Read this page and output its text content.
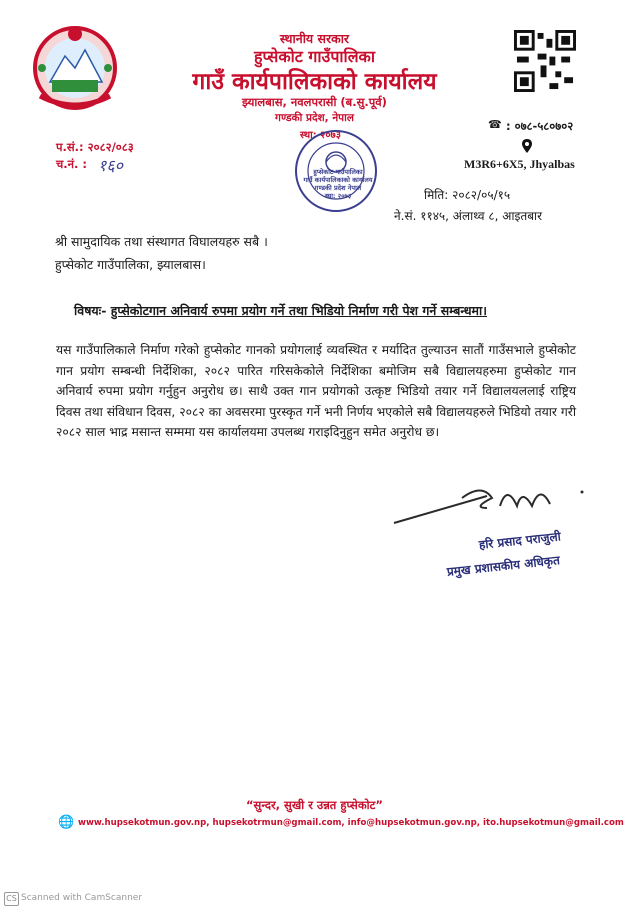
स्थानीय सरकार
हुप्सेकोट गाउँपालिका
गाउँ कार्यपालिकाको कार्यालय
झ्यालबास, नवलपरासी (ब.सु.पूर्व)
गण्डकी प्रदेश, नेपाल	☎ : ०७८-५८०७०२
M3R6+6X5, Jhyalbas
प.सं.: २०८२/०८३
च.नं. : १६०
स्था: २०७३
हुप्सेकोट गाउँपालिका
गाउँ कार्यपालिकाको कार्यालय
गण्डकी प्रदेश नेपाल
स्था: २०७३	मिति: २०८२/०५/१५
ने.सं. ११४५, अंलाथ्व ८, आइतबार
श्री सामुदायिक तथा संस्थागत विघालयहरु सबै ।
हुप्सेकोट गाउँपालिका, झ्यालबास।
विषयः- हुप्सेकोटगान अनिवार्य रुपमा प्रयोग गर्ने तथा भिडियो निर्माण गरी पेश गर्ने सम्बन्धमा।
यस गाउँपालिकाले निर्माण गरेको हुप्सेकोट गानको प्रयोगलाई व्यवस्थित र मर्यादित तुल्याउन सातौं गाउँसभाले हुप्सेकोट गान प्रयोग सम्बन्धी निर्देशिका, २०८२ पारित गरिसकेकोले निर्देशिका बमोजिम सबै विद्यालयहरुमा हुप्सेकोट गान अनिवार्य रुपमा प्रयोग गर्नुहुन अनुरोध छ। साथै उक्त गान प्रयोगको उत्कृष्ट भिडियो तयार गर्ने विद्यालयललाई राष्ट्रिय दिवस तथा संविधान दिवस, २०८२ का अवसरमा पुरस्कृत गर्ने भनी निर्णय भएकोले सबै विद्यालयहरुले भिडियो तयार गरी २०८२ साल भाद्र मसान्त सम्ममा यस कार्यालयमा उपलब्ध गराइदिनुहुन समेत अनुरोध छ।
हरि प्रसाद पराजुली
प्रमुख प्रशासकीय अधिकृत
“सुन्दर, सुखी र उन्नत हुप्सेकोट”
🌐 www.hupsekotmun.gov.np, hupsekotrmun@gmail.com, info@hupsekotmun.gov.np, ito.hupsekotmun@gmail.com
CS Scanned with CamScanner
